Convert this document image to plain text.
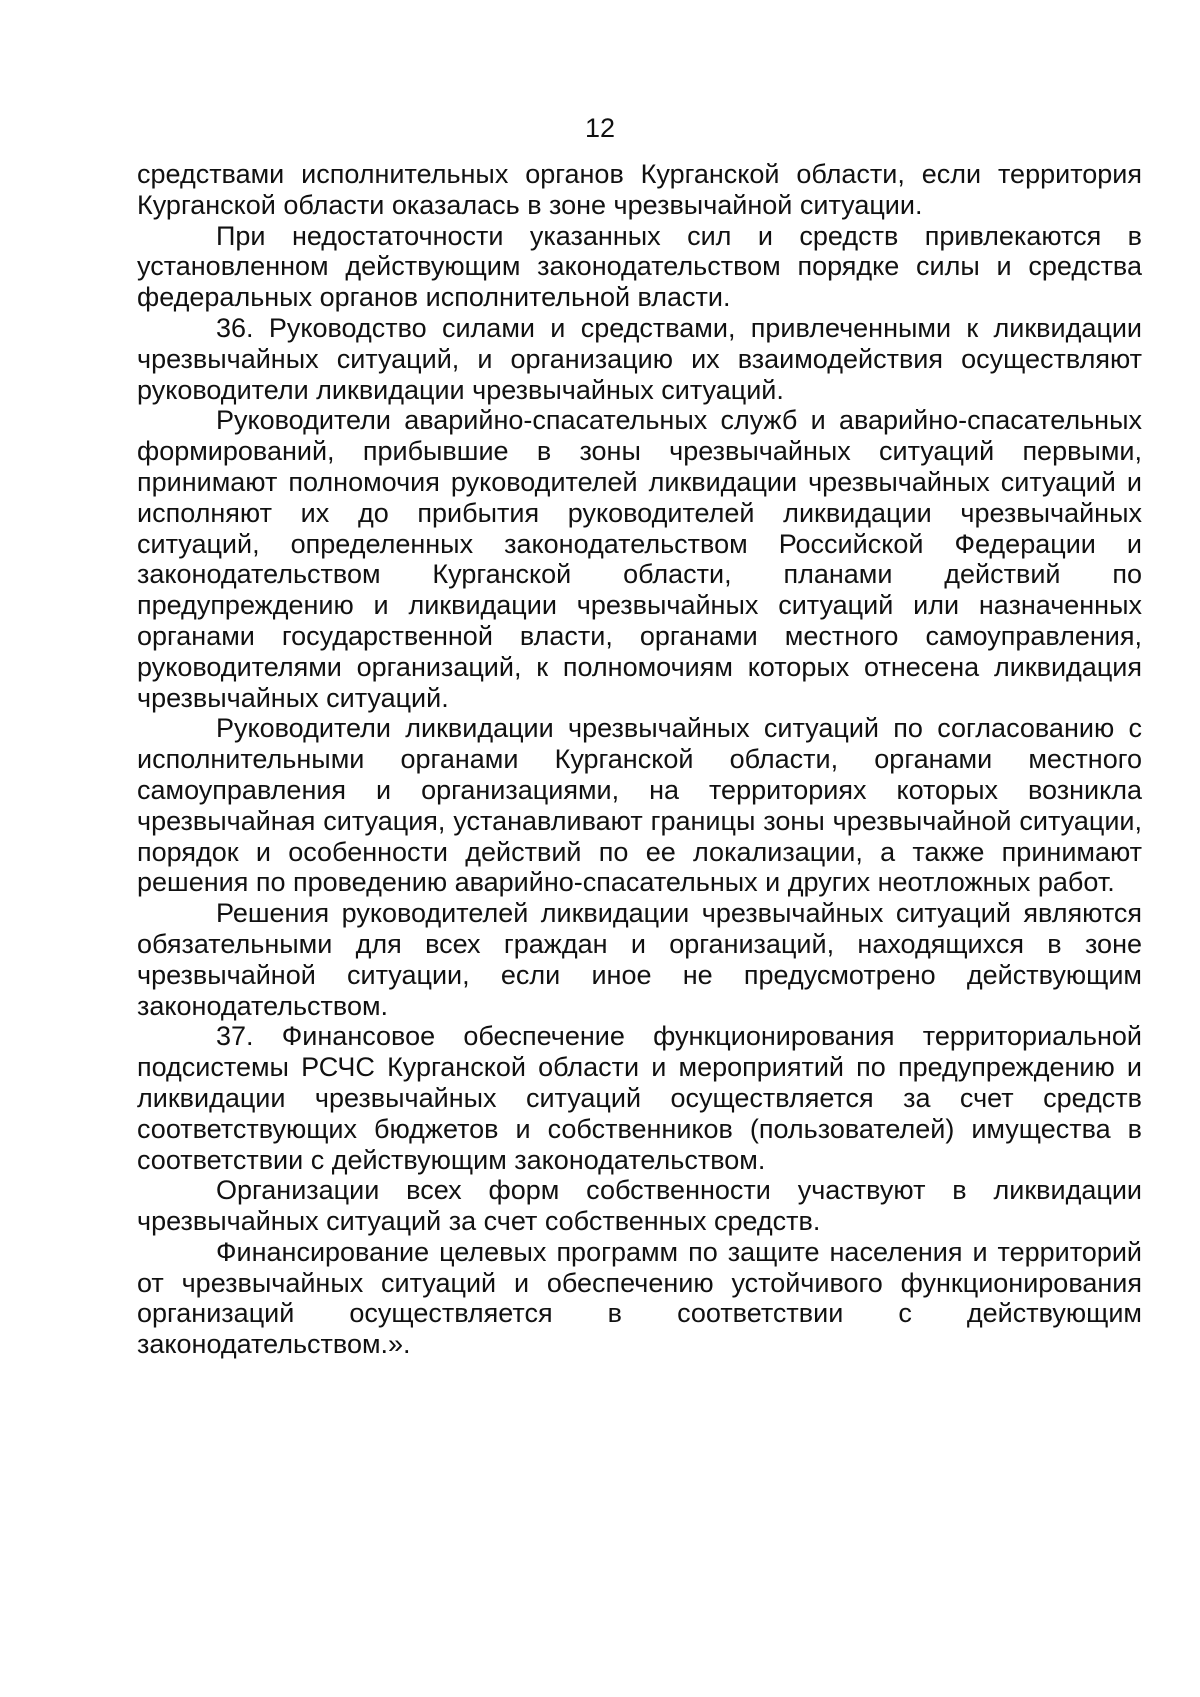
12

средствами исполнительных органов Курганской области, если территория Курганской области оказалась в зоне чрезвычайной ситуации.

При недостаточности указанных сил и средств привлекаются в установленном действующим законодательством порядке силы и средства федеральных органов исполнительной власти.

36. Руководство силами и средствами, привлеченными к ликвидации чрезвычайных ситуаций, и организацию их взаимодействия осуществляют руководители ликвидации чрезвычайных ситуаций.

Руководители аварийно-спасательных служб и аварийно-спасательных формирований, прибывшие в зоны чрезвычайных ситуаций первыми, принимают полномочия руководителей ликвидации чрезвычайных ситуаций и исполняют их до прибытия руководителей ликвидации чрезвычайных ситуаций, определенных законодательством Российской Федерации и законодательством Курганской области, планами действий по предупреждению и ликвидации чрезвычайных ситуаций или назначенных органами государственной власти, органами местного самоуправления, руководителями организаций, к полномочиям которых отнесена ликвидация чрезвычайных ситуаций.

Руководители ликвидации чрезвычайных ситуаций по согласованию с исполнительными органами Курганской области, органами местного самоуправления и организациями, на территориях которых возникла чрезвычайная ситуация, устанавливают границы зоны чрезвычайной ситуации, порядок и особенности действий по ее локализации, а также принимают решения по проведению аварийно-спасательных и других неотложных работ.

Решения руководителей ликвидации чрезвычайных ситуаций являются обязательными для всех граждан и организаций, находящихся в зоне чрезвычайной ситуации, если иное не предусмотрено действующим законодательством.

37. Финансовое обеспечение функционирования территориальной подсистемы РСЧС Курганской области и мероприятий по предупреждению и ликвидации чрезвычайных ситуаций осуществляется за счет средств соответствующих бюджетов и собственников (пользователей) имущества в соответствии с действующим законодательством.

Организации всех форм собственности участвуют в ликвидации чрезвычайных ситуаций за счет собственных средств.

Финансирование целевых программ по защите населения и территорий от чрезвычайных ситуаций и обеспечению устойчивого функционирования организаций осуществляется в соответствии с действующим законодательством.».
